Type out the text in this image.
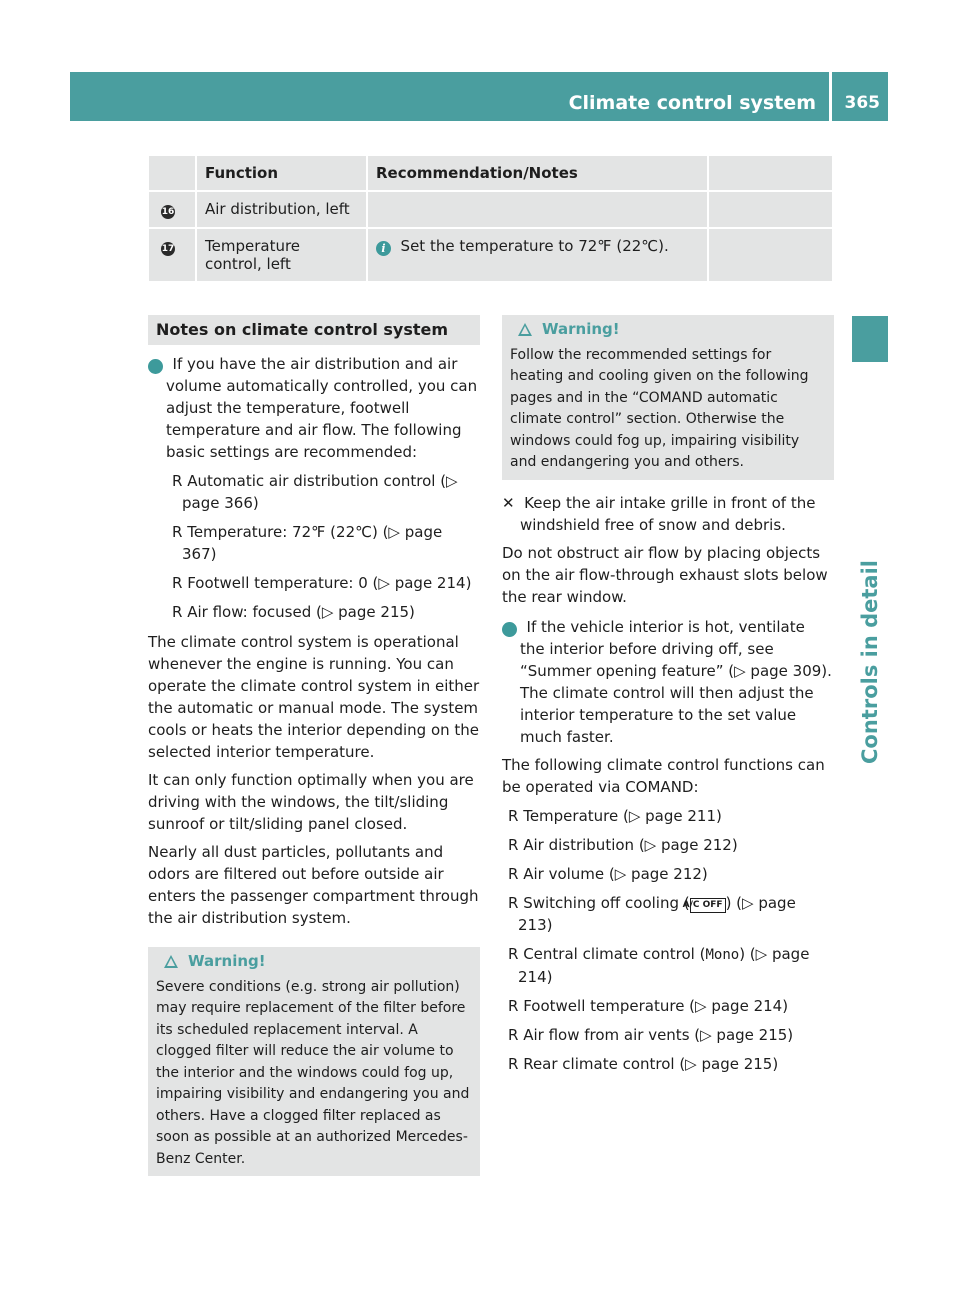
Climate control system 365
Controls in detail
	Function	Recommendation/Notes	
16	Air distribution, left		
17	Temperature control, left	i Set the temperature to 72℉ (22℃).	
Notes on climate control system

i If you have the air distribution and air volume automatically controlled, you can adjust the temperature, footwell temperature and air flow. The following basic settings are recommended:

R Automatic air distribution control (▷ page 366)

R Temperature: 72℉ (22℃) (▷ page 367)

R Footwell temperature: 0 (▷ page 214)

R Air flow: focused (▷ page 215)

The climate control system is operational whenever the engine is running. You can operate the climate control system in either the automatic or manual mode. The system cools or heats the interior depending on the selected interior temperature.

It can only function optimally when you are driving with the windows, the tilt/sliding sunroof or tilt/sliding panel closed.

Nearly all dust particles, pollutants and odors are filtered out before outside air enters the passenger compartment through the air distribution system.

Warning!

Severe conditions (e.g. strong air pollution) may require replacement of the filter before its scheduled replacement interval. A clogged filter will reduce the air volume to the interior and the windows could fog up, impairing visibility and endangering you and others. Have a clogged filter replaced as soon as possible at an authorized Mercedes-Benz Center.

Warning!

Follow the recommended settings for heating and cooling given on the following pages and in the “COMAND automatic climate control” section. Otherwise the windows could fog up, impairing visibility and endangering you and others.

✕ Keep the air intake grille in front of the windshield free of snow and debris.

Do not obstruct air flow by placing objects on the air flow-through exhaust slots below the rear window.

i If the vehicle interior is hot, ventilate the interior before driving off, see “Summer opening feature” (▷ page 309). The climate control will then adjust the interior temperature to the set value much faster.

The following climate control functions can be operated via COMAND:

R Temperature (▷ page 211)

R Air distribution (▷ page 212)

R Air volume (▷ page 212)

R Switching off cooling (A/C OFF ) (▷ page 213)

R Central climate control (Mono) (▷ page 214)

R Footwell temperature (▷ page 214)

R Air flow from air vents (▷ page 215)

R Rear climate control (▷ page 215)
